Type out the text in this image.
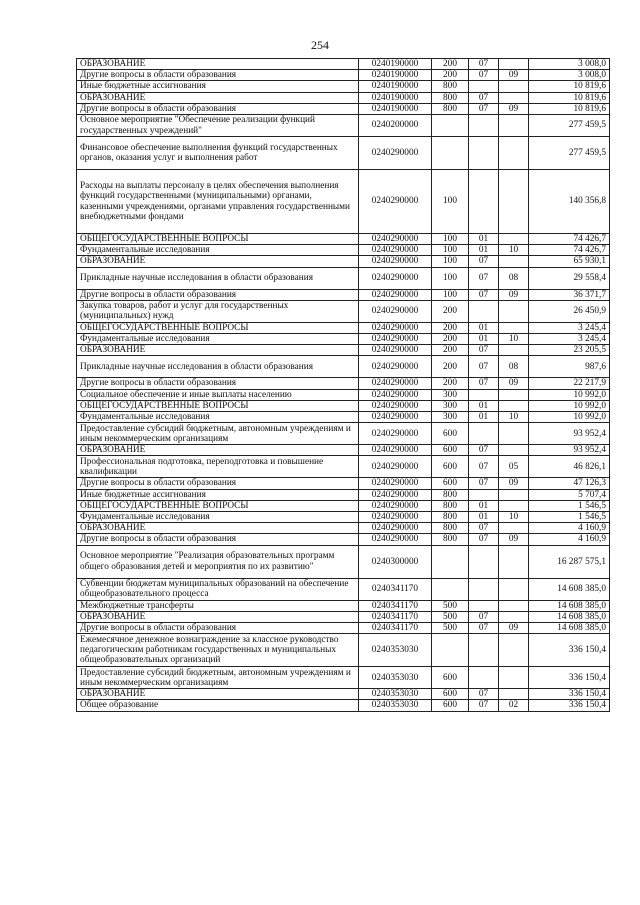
254
ОБРАЗОВАНИЕ	0240190000	200	07		3 008,0
Другие вопросы в области образования	0240190000	200	07	09	3 008,0
Иные бюджетные ассигнования	0240190000	800			10 819,6
ОБРАЗОВАНИЕ	0240190000	800	07		10 819,6
Другие вопросы в области образования	0240190000	800	07	09	10 819,6
Основное мероприятие "Обеспечение реализации функций государственных учреждений"	0240200000				277 459,5
Финансовое обеспечение выполнения функций государственных органов, оказания услуг и выполнения работ	0240290000				277 459,5
Расходы на выплаты персоналу в целях обеспечения выполнения функций государственными (муниципальными) органами, казенными учреждениями, органами управления государственными внебюджетными фондами	0240290000	100			140 356,8
ОБЩЕГОСУДАРСТВЕННЫЕ ВОПРОСЫ	0240290000	100	01		74 426,7
Фундаментальные исследования	0240290000	100	01	10	74 426,7
ОБРАЗОВАНИЕ	0240290000	100	07		65 930,1
Прикладные научные исследования в области образования	0240290000	100	07	08	29 558,4
Другие вопросы в области образования	0240290000	100	07	09	36 371,7
Закупка товаров, работ и услуг для государственных (муниципальных) нужд	0240290000	200			26 450,9
ОБЩЕГОСУДАРСТВЕННЫЕ ВОПРОСЫ	0240290000	200	01		3 245,4
Фундаментальные исследования	0240290000	200	01	10	3 245,4
ОБРАЗОВАНИЕ	0240290000	200	07		23 205,5
Прикладные научные исследования в области образования	0240290000	200	07	08	987,6
Другие вопросы в области образования	0240290000	200	07	09	22 217,9
Социальное обеспечение и иные выплаты населению	0240290000	300			10 992,0
ОБЩЕГОСУДАРСТВЕННЫЕ ВОПРОСЫ	0240290000	300	01		10 992,0
Фундаментальные исследования	0240290000	300	01	10	10 992,0
Предоставление субсидий бюджетным, автономным учреждениям и иным некоммерческим организациям	0240290000	600			93 952,4
ОБРАЗОВАНИЕ	0240290000	600	07		93 952,4
Профессиональная подготовка, переподготовка и повышение квалификации	0240290000	600	07	05	46 826,1
Другие вопросы в области образования	0240290000	600	07	09	47 126,3
Иные бюджетные ассигнования	0240290000	800			5 707,4
ОБЩЕГОСУДАРСТВЕННЫЕ ВОПРОСЫ	0240290000	800	01		1 546,5
Фундаментальные исследования	0240290000	800	01	10	1 546,5
ОБРАЗОВАНИЕ	0240290000	800	07		4 160,9
Другие вопросы в области образования	0240290000	800	07	09	4 160,9
Основное мероприятие "Реализация образовательных программ общего образования детей и мероприятия по их развитию"	0240300000				16 287 575,1
Субвенции бюджетам муниципальных образований на обеспечение общеобразовательного процесса	0240341170				14 608 385,0
Межбюджетные трансферты	0240341170	500			14 608 385,0
ОБРАЗОВАНИЕ	0240341170	500	07		14 608 385,0
Другие вопросы в области образования	0240341170	500	07	09	14 608 385,0
Ежемесячное денежное вознаграждение за классное руководство педагогическим работникам государственных и муниципальных общеобразовательных организаций	0240353030				336 150,4
Предоставление субсидий бюджетным, автономным учреждениям и иным некоммерческим организациям	0240353030	600			336 150,4
ОБРАЗОВАНИЕ	0240353030	600	07		336 150,4
Общее образование	0240353030	600	07	02	336 150,4
